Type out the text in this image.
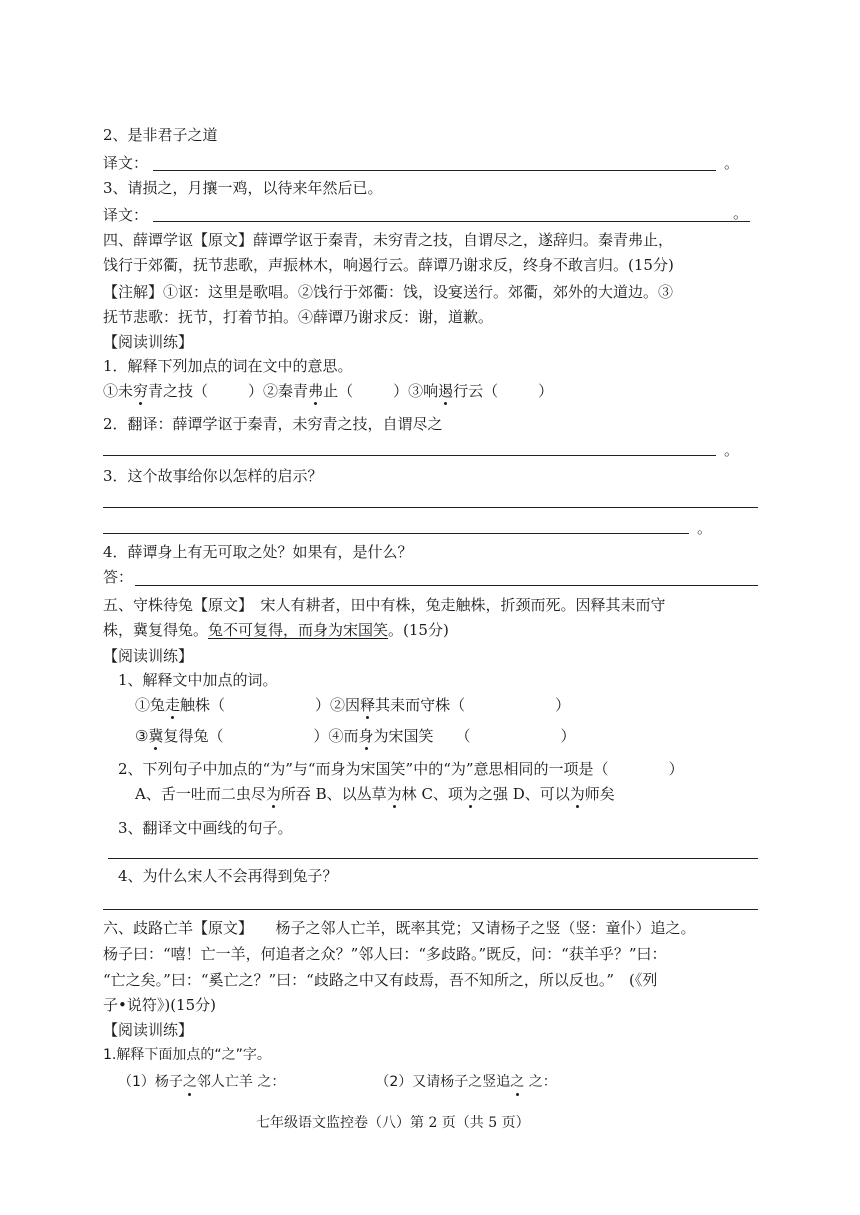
2、是非君子之道
译文：	。
3、请损之，月攘一鸡，以待来年然后已。
译文：	。
四、薛谭学讴【原文】薛谭学讴于秦青，未穷青之技，自谓尽之，遂辞归。秦青弗止，
饯行于郊衢，抚节悲歌，声振林木，响遏行云。薛谭乃谢求反，终身不敢言归。(15分)
【注解】①讴：这里是歌唱。②饯行于郊衢：饯，设宴送行。郊衢，郊外的大道边。③
抚节悲歌：抚节，打着节拍。④薛谭乃谢求反：谢，道歉。
【阅读训练】
1．解释下列加点的词在文中的意思。
①未穷青之技（	）②秦青弗止（	）③响遏行云（	）
2．翻译：薛谭学讴于秦青，未穷青之技，自谓尽之
。
3．这个故事给你以怎样的启示？
。
4．薛谭身上有无可取之处？如果有，是什么？
答：
五、守株待兔【原文】　宋人有耕者，田中有株，兔走触株，折颈而死。因释其耒而守
株，冀复得兔。兔不可复得，而身为宋国笑。(15分)
【阅读训练】
1、解释文中加点的词。
①兔走触株（	）②因释其耒而守株（	）
③冀复得兔（	）④而身为宋国笑 （	）
2、下列句子中加点的“为”与“而身为宋国笑”中的“为”意思相同的一项是（	）
A、舌一吐而二虫尽为所吞 B、以丛草为林 C、项为之强 D、可以为师矣
3、翻译文中画线的句子。
4、为什么宋人不会再得到兔子？
六、歧路亡羊【原文】　　杨子之邻人亡羊，既率其党；又请杨子之竖（竖：童仆）追之。
杨子曰：“嘻！亡一羊，何追者之众？”邻人曰：“多歧路。”既反，问：“获羊乎？”曰：
“亡之矣。”曰：“奚亡之？”曰：“歧路之中又有歧焉，吾不知所之，所以反也。”　(《列
子•说符》)(15分)
【阅读训练】
1.解释下面加点的“之”字。
（1）杨子之邻人亡羊 之：	（2）又请杨子之竖追之 之：
七年级语文监控卷（八）第 2 页（共 5 页）
